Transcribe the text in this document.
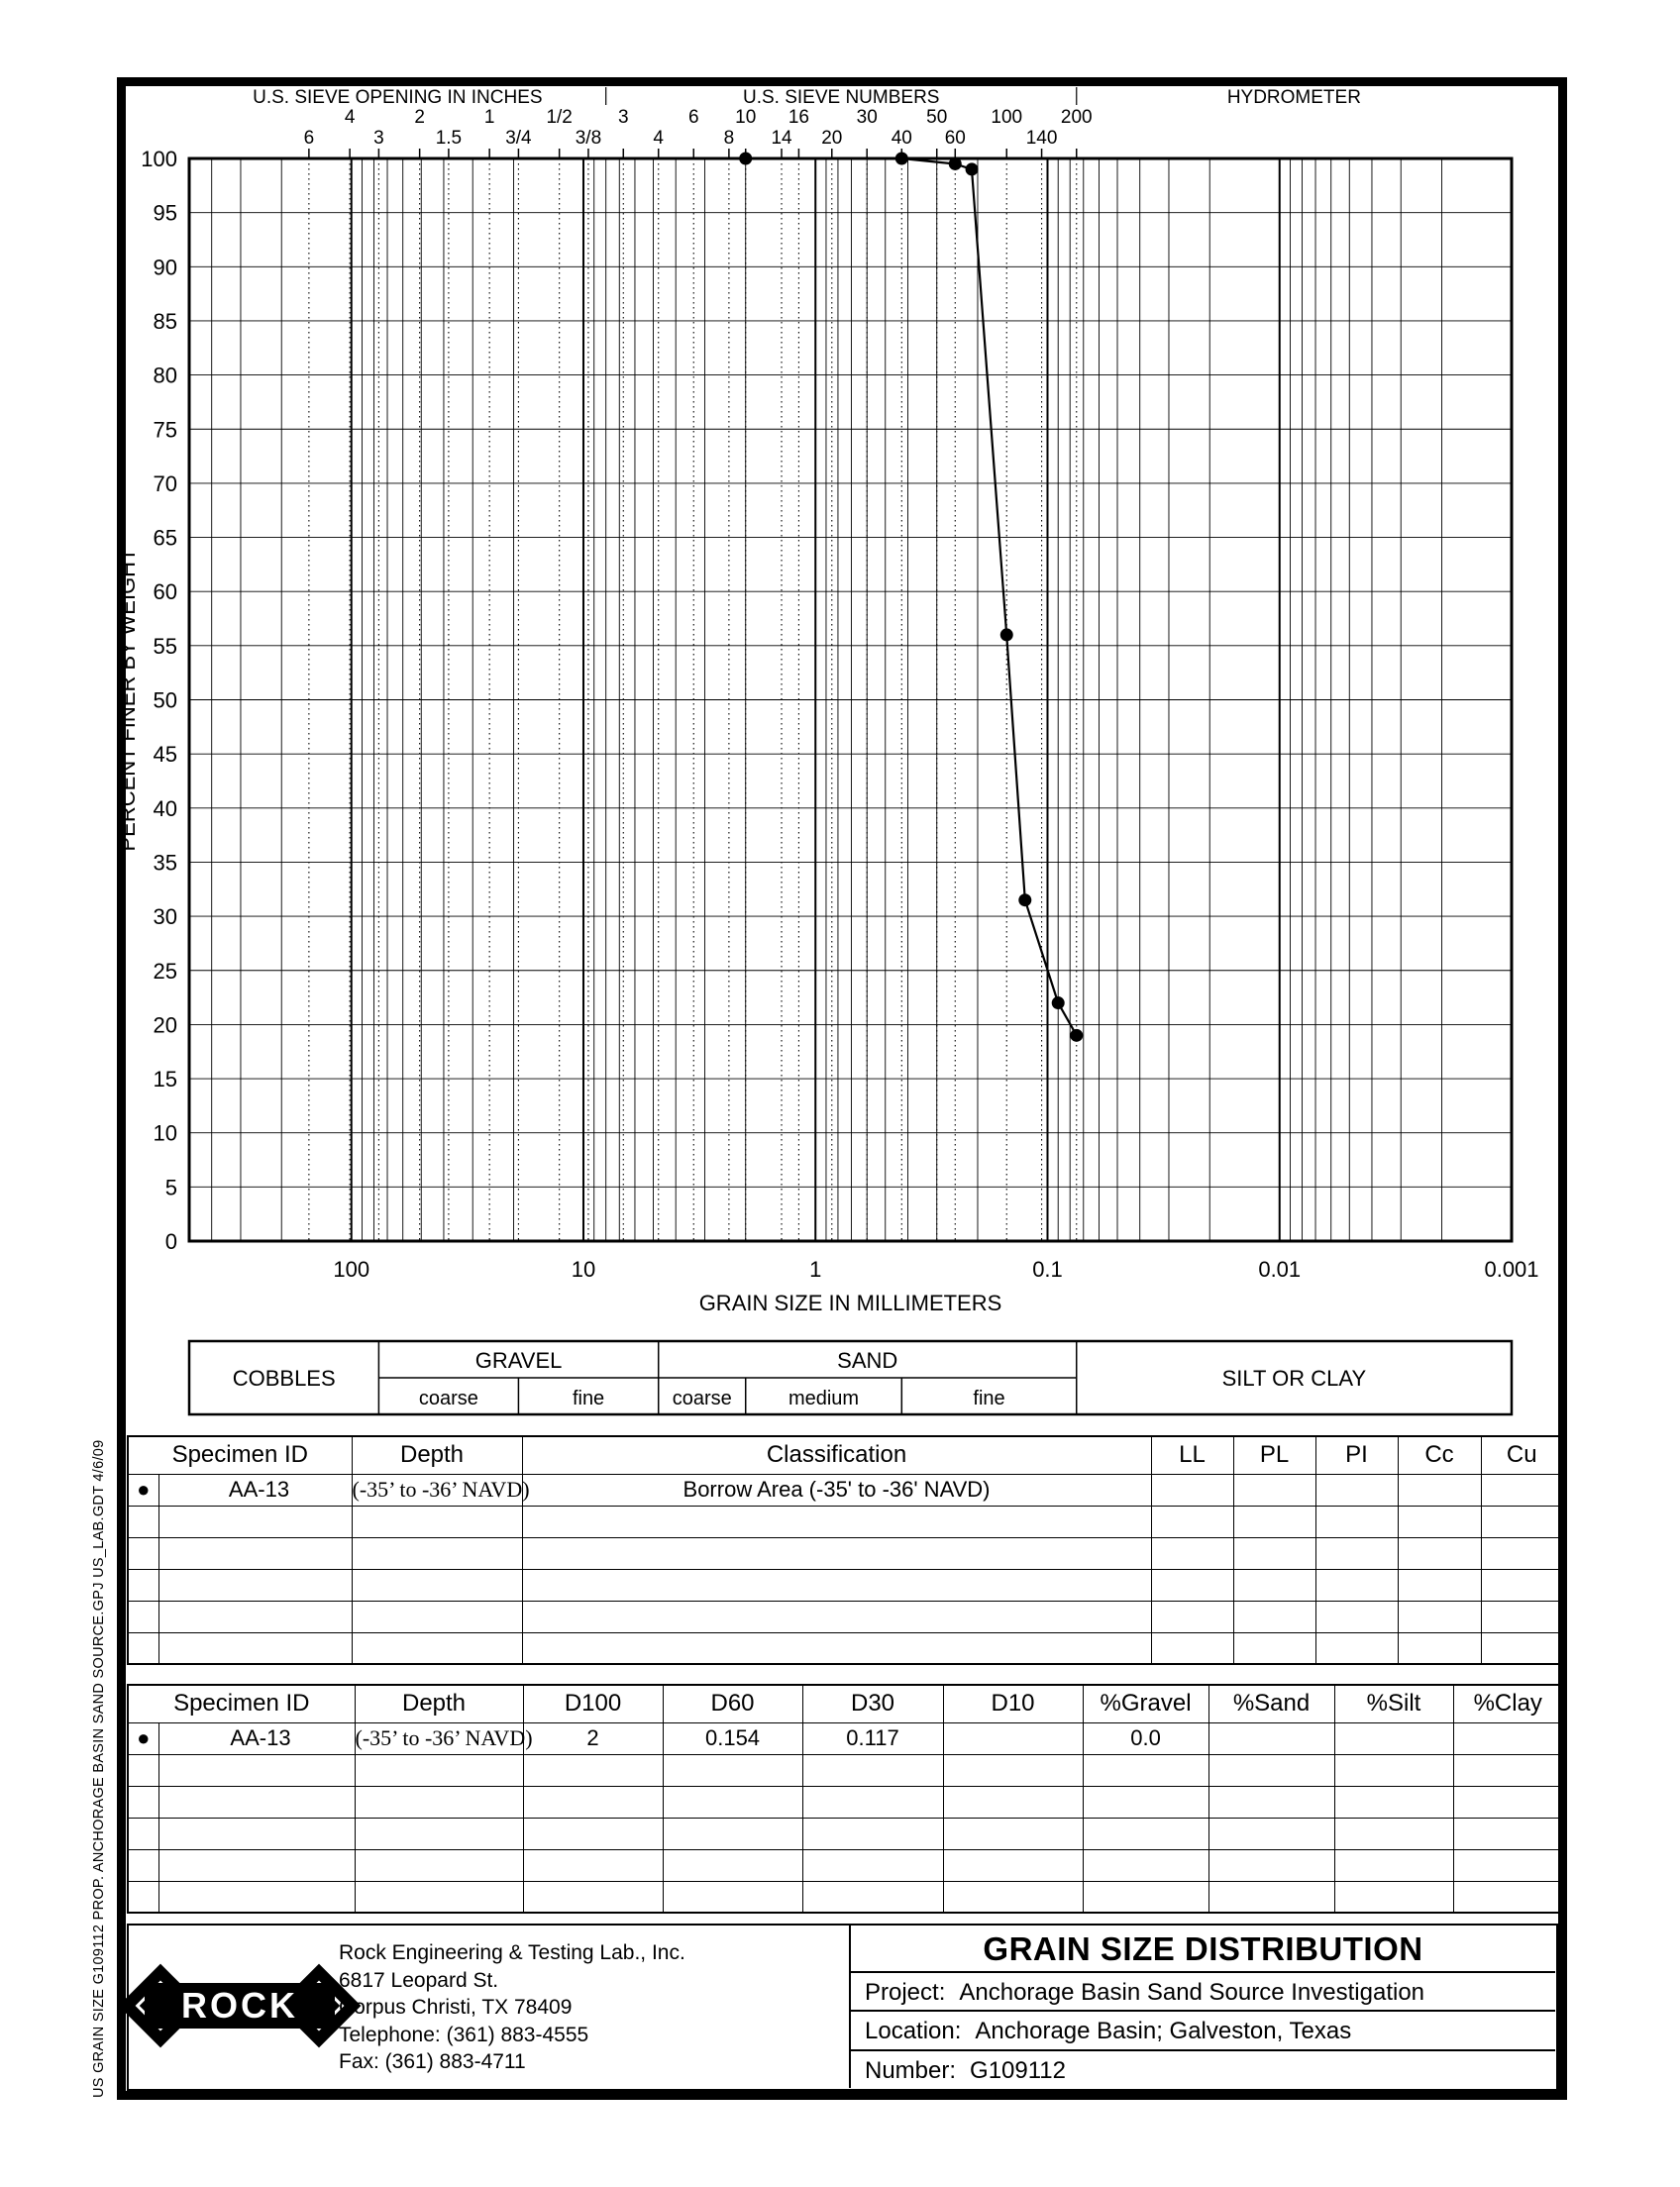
US GRAIN SIZE G109112 PROP. ANCHORAGE BASIN SAND SOURCE.GPJ US_LAB.GDT 4/6/09
6
4
3
2
1.5
1
3/4
1/2
3/8
3
4
6
8
10
14
16
20
30
40
50
60
100
140
200
0
5
10
15
20
25
30
35
40
45
50
55
60
65
70
75
80
85
90
95
100
100	10	1	0.1	0.01	0.001
PERCENT FINER BY WEIGHT
GRAIN SIZE IN MILLIMETERS
U.S. SIEVE OPENING IN INCHES	U.S. SIEVE NUMBERS	HYDROMETER
COBBLES
GRAVEL	SAND
SILT OR CLAY
coarse	fine	coarse	medium	fine
Specimen ID		Depth	Classification	LL	PL	PI	Cc	Cu
●	AA-13	(-35’ to -36’ NAVD)	Borrow Area (-35' to -36' NAVD)					

Specimen ID		Depth	D100	D60	D30	D10	%Gravel	%Sand	%Silt	%Clay
●	AA-13	(-35’ to -36’ NAVD)	2	0.154	0.117		0.0			

ROCK
Rock Engineering & Testing Lab., Inc.
6817 Leopard St.
Corpus Christi, TX 78409
Telephone: (361) 883-4555
Fax: (361) 883-4711
GRAIN SIZE DISTRIBUTION
Project: Anchorage Basin Sand Source Investigation
Location: Anchorage Basin; Galveston, Texas
Number: G109112
